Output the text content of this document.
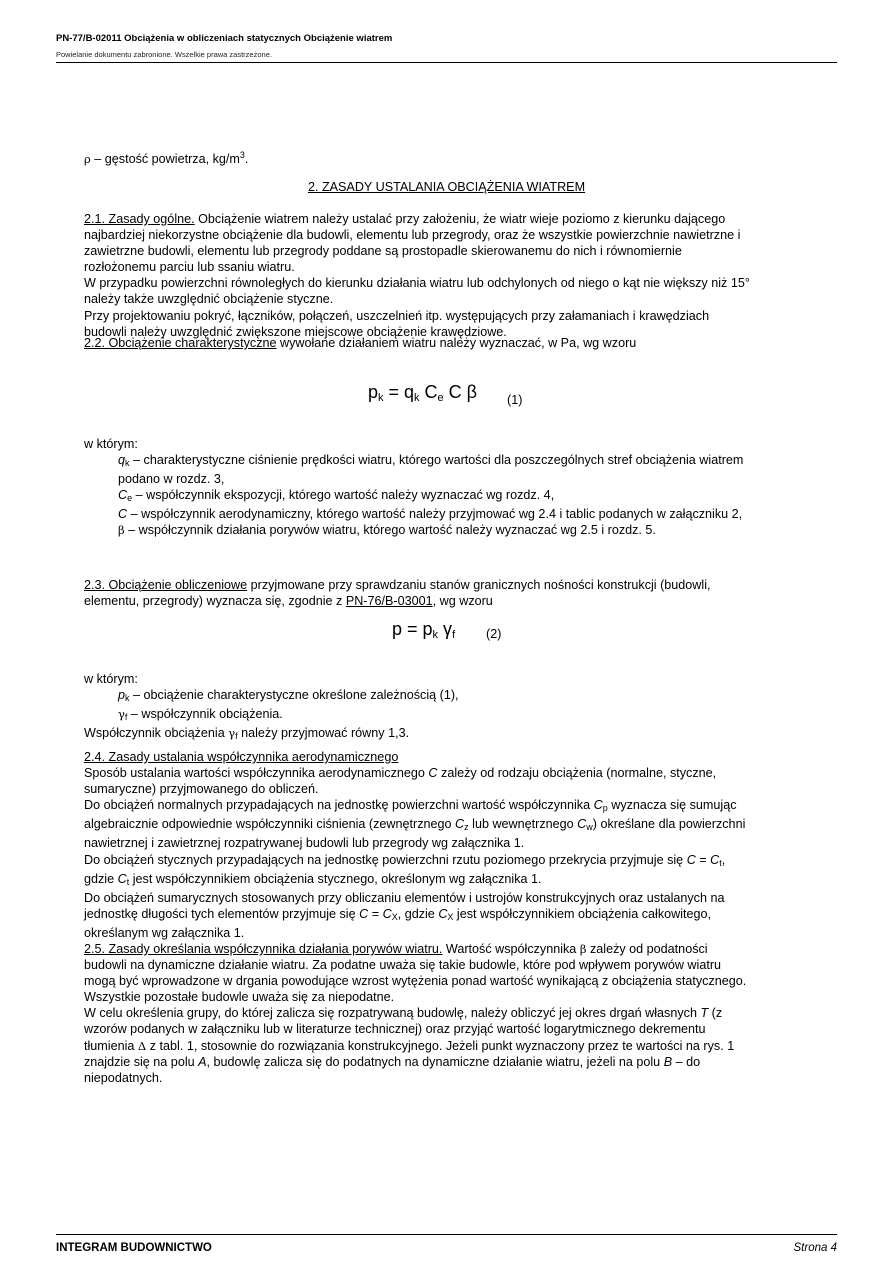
PN-77/B-02011 Obciążenia w obliczeniach statycznych Obciążenie wiatrem
Powielanie dokumentu zabronione. Wszelkie prawa zastrzeżone.
ρ – gęstość powietrza, $kg/m^3$.
2. ZASADY USTALANIA OBCIĄŻENIA WIATREM
2.1. Zasady ogólne. Obciążenie wiatrem należy ustalać przy założeniu, że wiatr wieje poziomo z kierunku dającego
najbardziej niekorzystne obciążenie dla budowli, elementu lub przegrody, oraz że wszystkie powierzchnie nawietrzne i
zawietrzne budowli, elementu lub przegrody poddane są prostopadle skierowanemu do nich i równomiernie
rozłożonemu parciu lub ssaniu wiatru.
W przypadku powierzchni równoległych do kierunku działania wiatru lub odchylonych od niego o kąt nie większy niż 15°
należy także uwzględnić obciążenie styczne.
Przy projektowaniu pokryć, łączników, połączeń, uszczelnień itp. występujących przy załamaniach i krawędziach
budowli należy uwzględnić zwiększone miejscowe obciążenie krawędziowe.
2.2. Obciążenie charakterystyczne wywołane działaniem wiatru należy wyznaczać, w Pa, wg wzoru
$p_k = q_k$ $C_e$ C β (1)
w którym:
$q_k$ – charakterystyczne ciśnienie prędkości wiatru, którego wartości dla poszczególnych stref obciążenia wiatrem
podano w rozdz. 3,
$C_e$ – współczynnik ekspozycji, którego wartość należy wyznaczać wg rozdz. 4,
C – współczynnik aerodynamiczny, którego wartość należy przyjmować wg 2.4 i tablic podanych w załączniku 2,
β – współczynnik działania porywów wiatru, którego wartość należy wyznaczać wg 2.5 i rozdz. 5.
2.3. Obciążenie obliczeniowe przyjmowane przy sprawdzaniu stanów granicznych nośności konstrukcji (budowli,
elementu, przegrody) wyznacza się, zgodnie z PN-76/B-03001, wg wzoru
$p = p_k$ $\gamma_f$ (2)
w którym:
$p_k$ – obciążenie charakterystyczne określone zależnością (1),
$\gamma_f$ – współczynnik obciążenia.
Współczynnik obciążenia $\gamma_f$ należy przyjmować równy 1,3.
2.4. Zasady ustalania współczynnika aerodynamicznego
Sposób ustalania wartości współczynnika aerodynamicznego C zależy od rodzaju obciążenia (normalne, styczne,
sumaryczne) przyjmowanego do obliczeń.
Do obciążeń normalnych przypadających na jednostkę powierzchni wartość współczynnika $C_p$ wyznacza się sumując
algebraicznie odpowiednie współczynniki ciśnienia (zewnętrznego $C_z$ lub wewnętrznego $C_w$) określane dla powierzchni
nawietrznej i zawietrznej rozpatrywanej budowli lub przegrody wg załącznika 1.
Do obciążeń stycznych przypadających na jednostkę powierzchni rzutu poziomego przekrycia przyjmuje się $C = C_t$,
gdzie $C_t$ jest współczynnikiem obciążenia stycznego, określonym wg załącznika 1.
Do obciążeń sumarycznych stosowanych przy obliczaniu elementów i ustrojów konstrukcyjnych oraz ustalanych na
jednostkę długości tych elementów przyjmuje się $C = C_X$, gdzie $C_X$ jest współczynnikiem obciążenia całkowitego,
określanym wg załącznika 1.
2.5. Zasady określania współczynnika działania porywów wiatru. Wartość współczynnika β zależy od podatności
budowli na dynamiczne działanie wiatru. Za podatne uważa się takie budowle, które pod wpływem porywów wiatru
mogą być wprowadzone w drgania powodujące wzrost wytężenia ponad wartość wynikającą z obciążenia statycznego.
Wszystkie pozostałe budowle uważa się za niepodatne.
W celu określenia grupy, do której zalicza się rozpatrywaną budowlę, należy obliczyć jej okres drgań własnych T (z
wzorów podanych w załączniku lub w literaturze technicznej) oraz przyjąć wartość logarytmicznego dekrementu
tłumienia Δ z tabl. 1, stosownie do rozwiązania konstrukcyjnego. Jeżeli punkt wyznaczony przez te wartości na rys. 1
znajdzie się na polu A, budowlę zalicza się do podatnych na dynamiczne działanie wiatru, jeżeli na polu B – do
niepodatnych.
INTEGRAM BUDOWNICTWO	Strona 4
